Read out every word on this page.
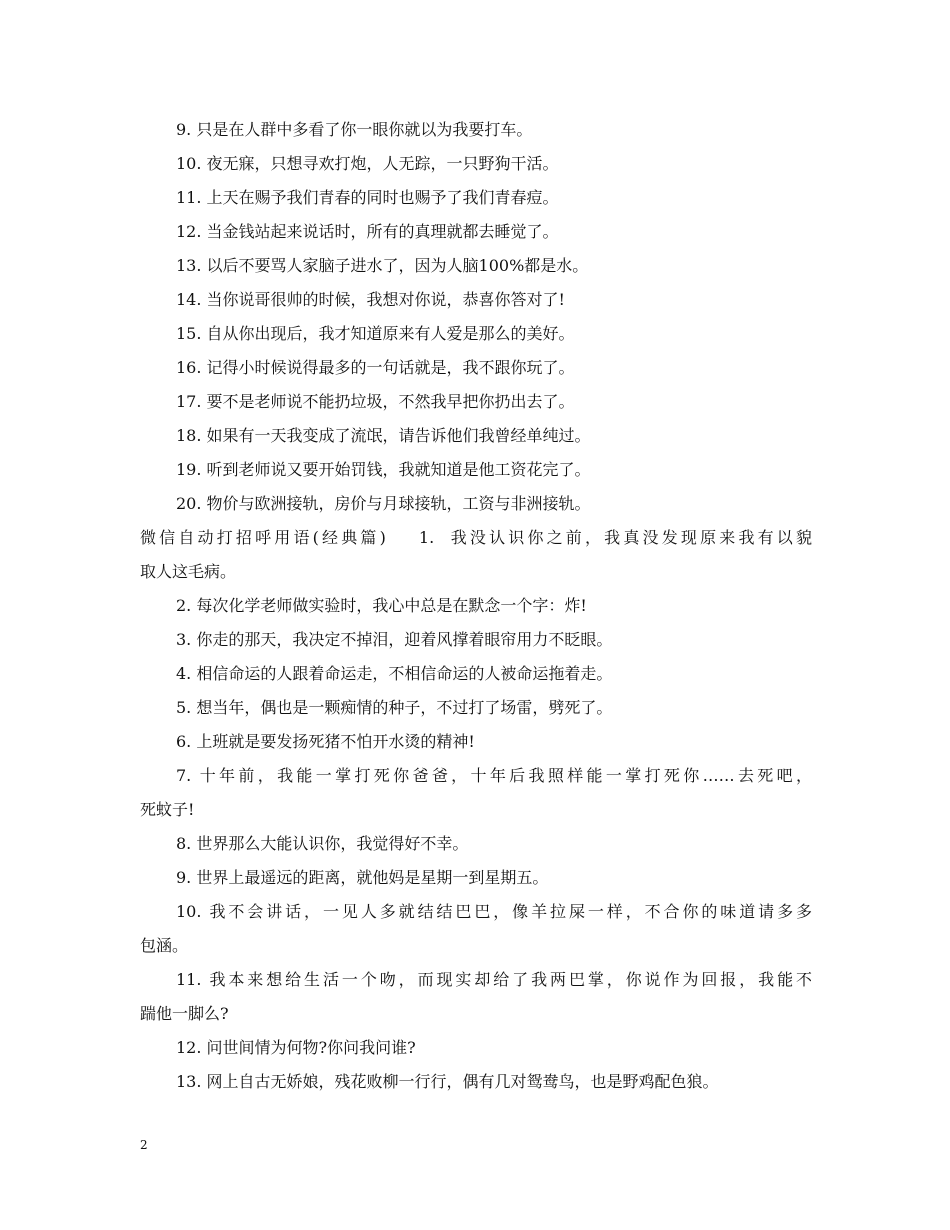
9. 只是在人群中多看了你一眼你就以为我要打车。
10. 夜无寐，只想寻欢打炮，人无踪，一只野狗干活。
11. 上天在赐予我们青春的同时也赐予了我们青春痘。
12. 当金钱站起来说话时，所有的真理就都去睡觉了。
13. 以后不要骂人家脑子进水了，因为人脑100%都是水。
14. 当你说哥很帅的时候，我想对你说，恭喜你答对了!
15. 自从你出现后，我才知道原来有人爱是那么的美好。
16. 记得小时候说得最多的一句话就是，我不跟你玩了。
17. 要不是老师说不能扔垃圾，不然我早把你扔出去了。
18. 如果有一天我变成了流氓，请告诉他们我曾经单纯过。
19. 听到老师说又要开始罚钱，我就知道是他工资花完了。
20. 物价与欧洲接轨，房价与月球接轨，工资与非洲接轨。
微信自动打招呼用语(经典篇)    1.  我没认识你之前，我真没发现原来我有以貌
取人这毛病。
2. 每次化学老师做实验时，我心中总是在默念一个字：炸!
3. 你走的那天，我决定不掉泪，迎着风撑着眼帘用力不眨眼。
4. 相信命运的人跟着命运走，不相信命运的人被命运拖着走。
5. 想当年，偶也是一颗痴情的种子，不过打了场雷，劈死了。
6. 上班就是要发扬死猪不怕开水烫的精神!
7. 十年前，我能一掌打死你爸爸，十年后我照样能一掌打死你……去死吧，
死蚊子!
8. 世界那么大能认识你，我觉得好不幸。
9. 世界上最遥远的距离，就他妈是星期一到星期五。
10. 我不会讲话，一见人多就结结巴巴，像羊拉屎一样，不合你的味道请多多
包涵。
11. 我本来想给生活一个吻，而现实却给了我两巴掌，你说作为回报，我能不
踹他一脚么?
12. 问世间情为何物?你问我问谁?
13. 网上自古无娇娘，残花败柳一行行，偶有几对鸳鸯鸟，也是野鸡配色狼。
2
